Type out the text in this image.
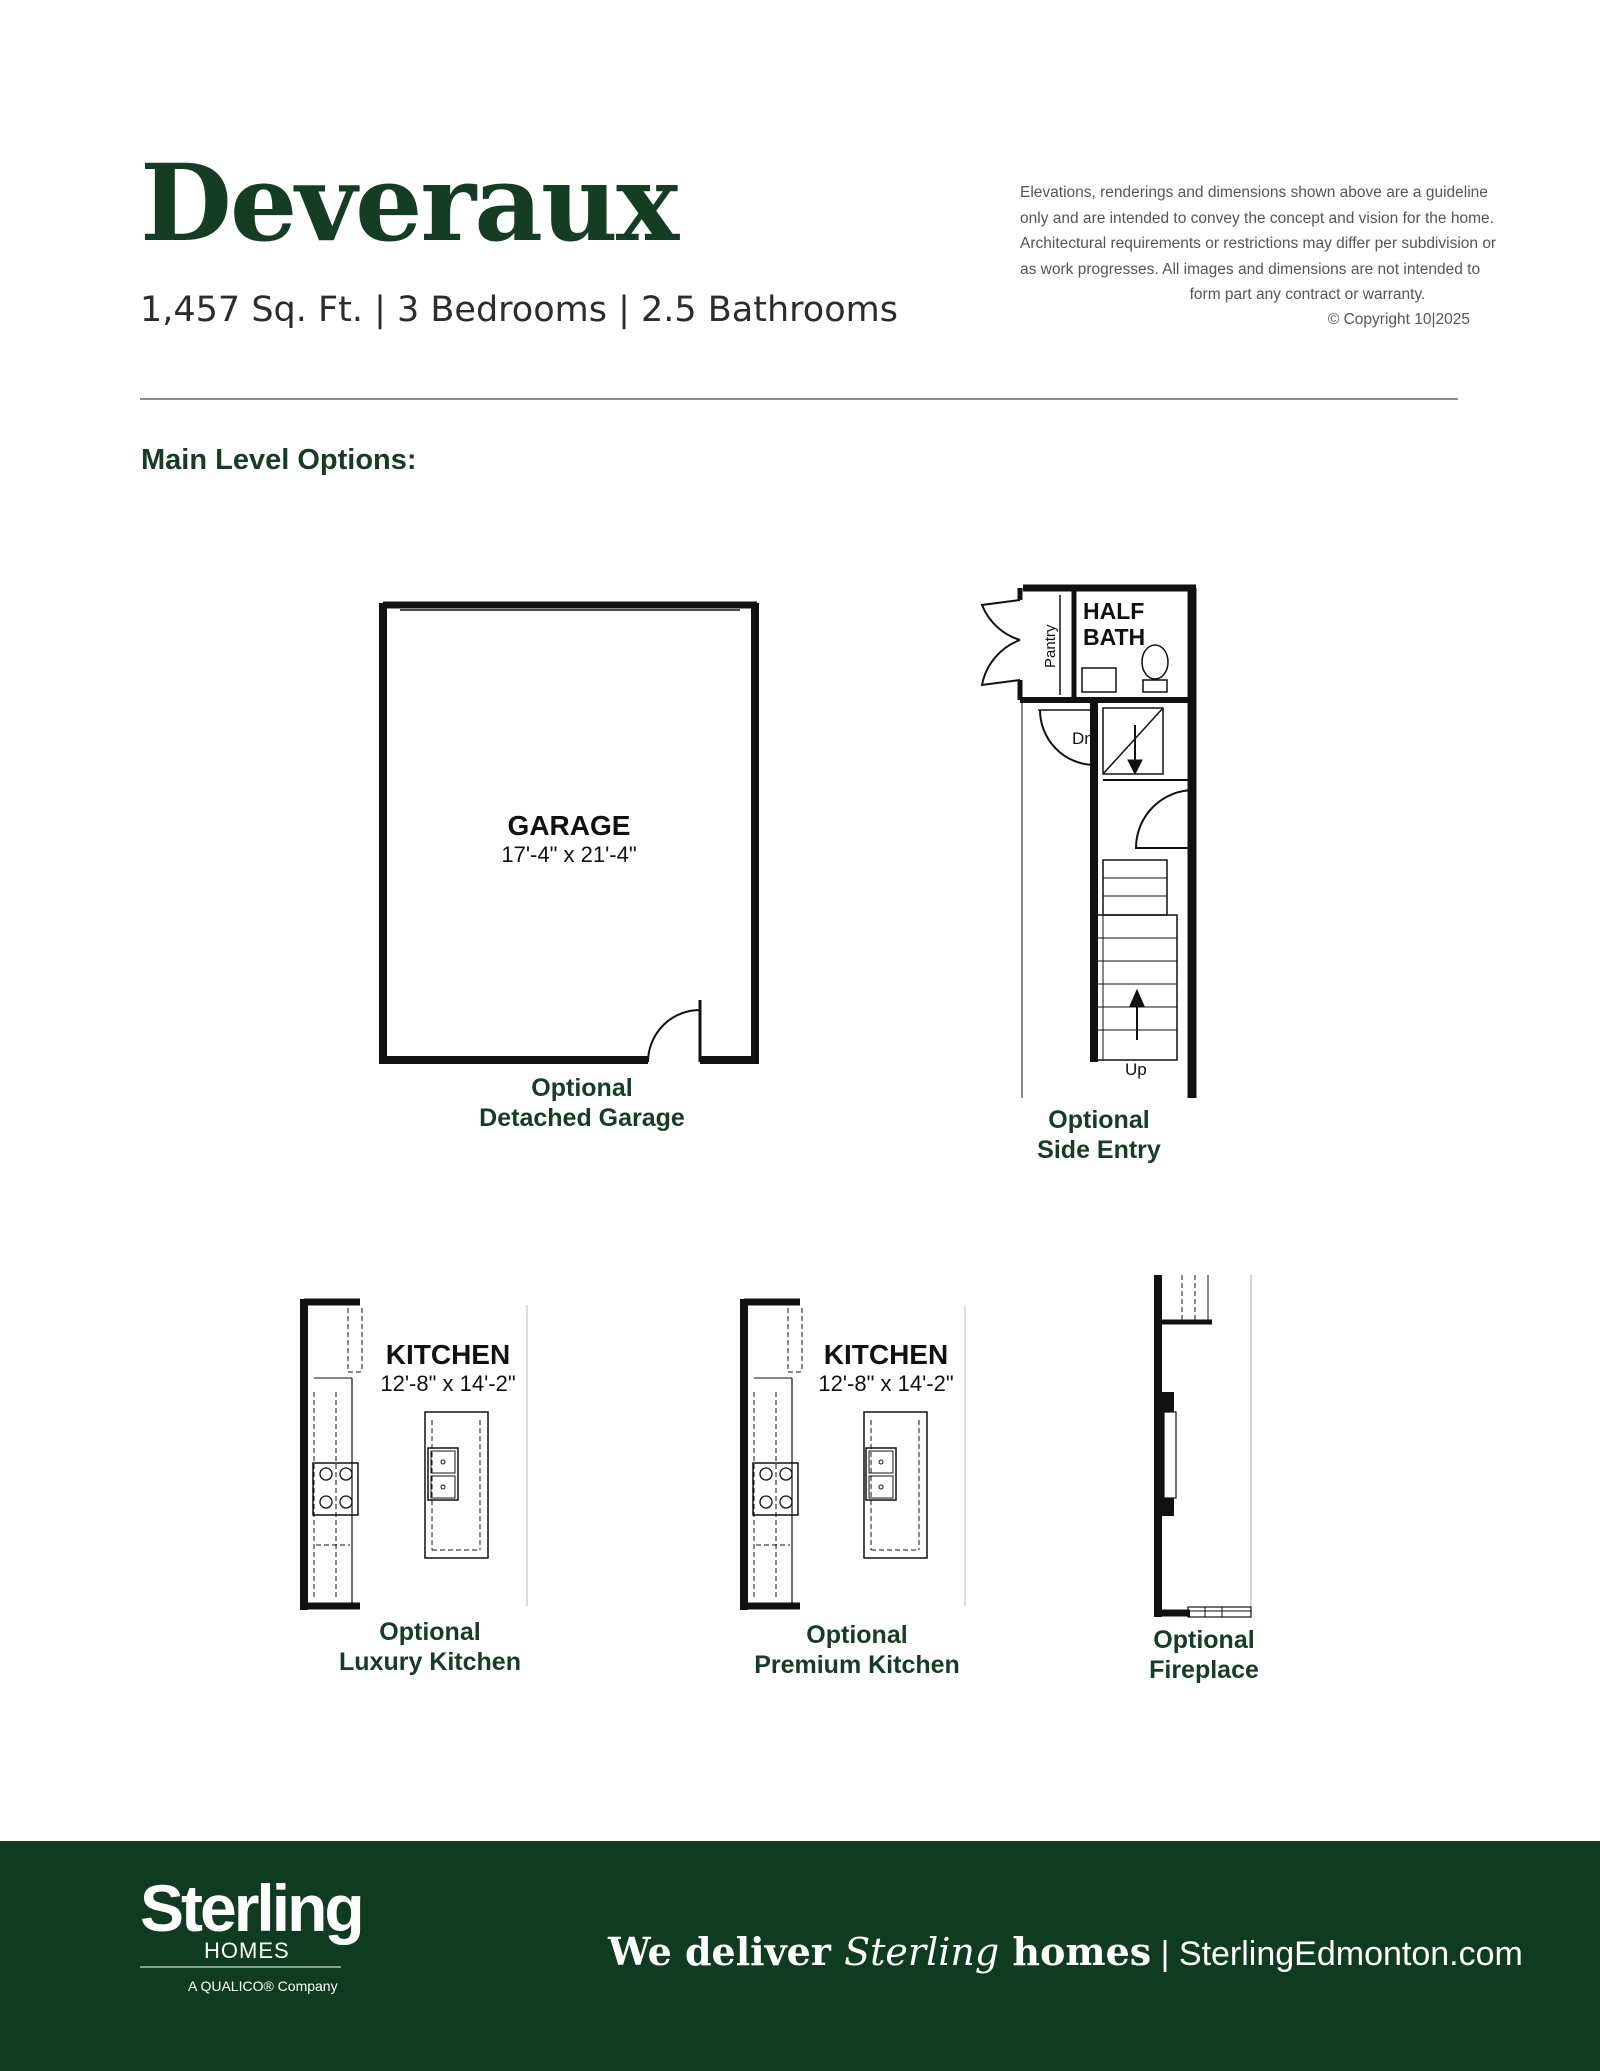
Deveraux
1,457 Sq. Ft. | 3 Bedrooms | 2.5 Bathrooms
Elevations, renderings and dimensions shown above are a guideline
only and are intended to convey the concept and vision for the home.
Architectural requirements or restrictions may differ per subdivision or
as work progresses. All images and dimensions are not intended to
form part any contract or warranty.
© Copyright 10|2025
Main Level Options:
GARAGE
17'-4" x 21'-4"
Pantry
HALF
BATH
Dn
Up
KITCHEN
12'-8" x 14'-2"
KITCHEN
12'-8" x 14'-2"
Optional
Detached Garage	Optional
Side Entry
Optional
Luxury Kitchen
Optional
Premium Kitchen
Optional
Fireplace
Sterling
HOMES
A QUALICO® Company
We deliver Sterling homes | SterlingEdmonton.com
